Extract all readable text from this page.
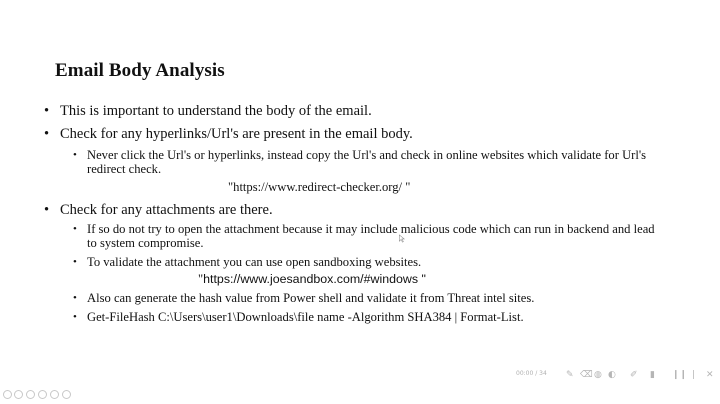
Email Body Analysis
• This is important to understand the body of the email.
• Check for any hyperlinks/Url's are present in the email body.
• Never click the Url's or hyperlinks, instead copy the Url's and check in online websites which validate for Url's redirect check.
"https://www.redirect-checker.org/ "
• Check for any attachments are there.
• If so do not try to open the attachment because it may include malicious code which can run in backend and lead to system compromise.
• To validate the attachment you can use open sandboxing websites.
"https://www.joesandbox.com/#windows "
• Also can generate the hash value from Power shell and validate it from Threat intel sites.
• Get-FileHash C:\Users\user1\Downloads\file name -Algorithm SHA384 | Format-List.
00:00 / 34 ✎ ⌫ ◍ ◐ ✐ ▮ ❙❙ | ✕
